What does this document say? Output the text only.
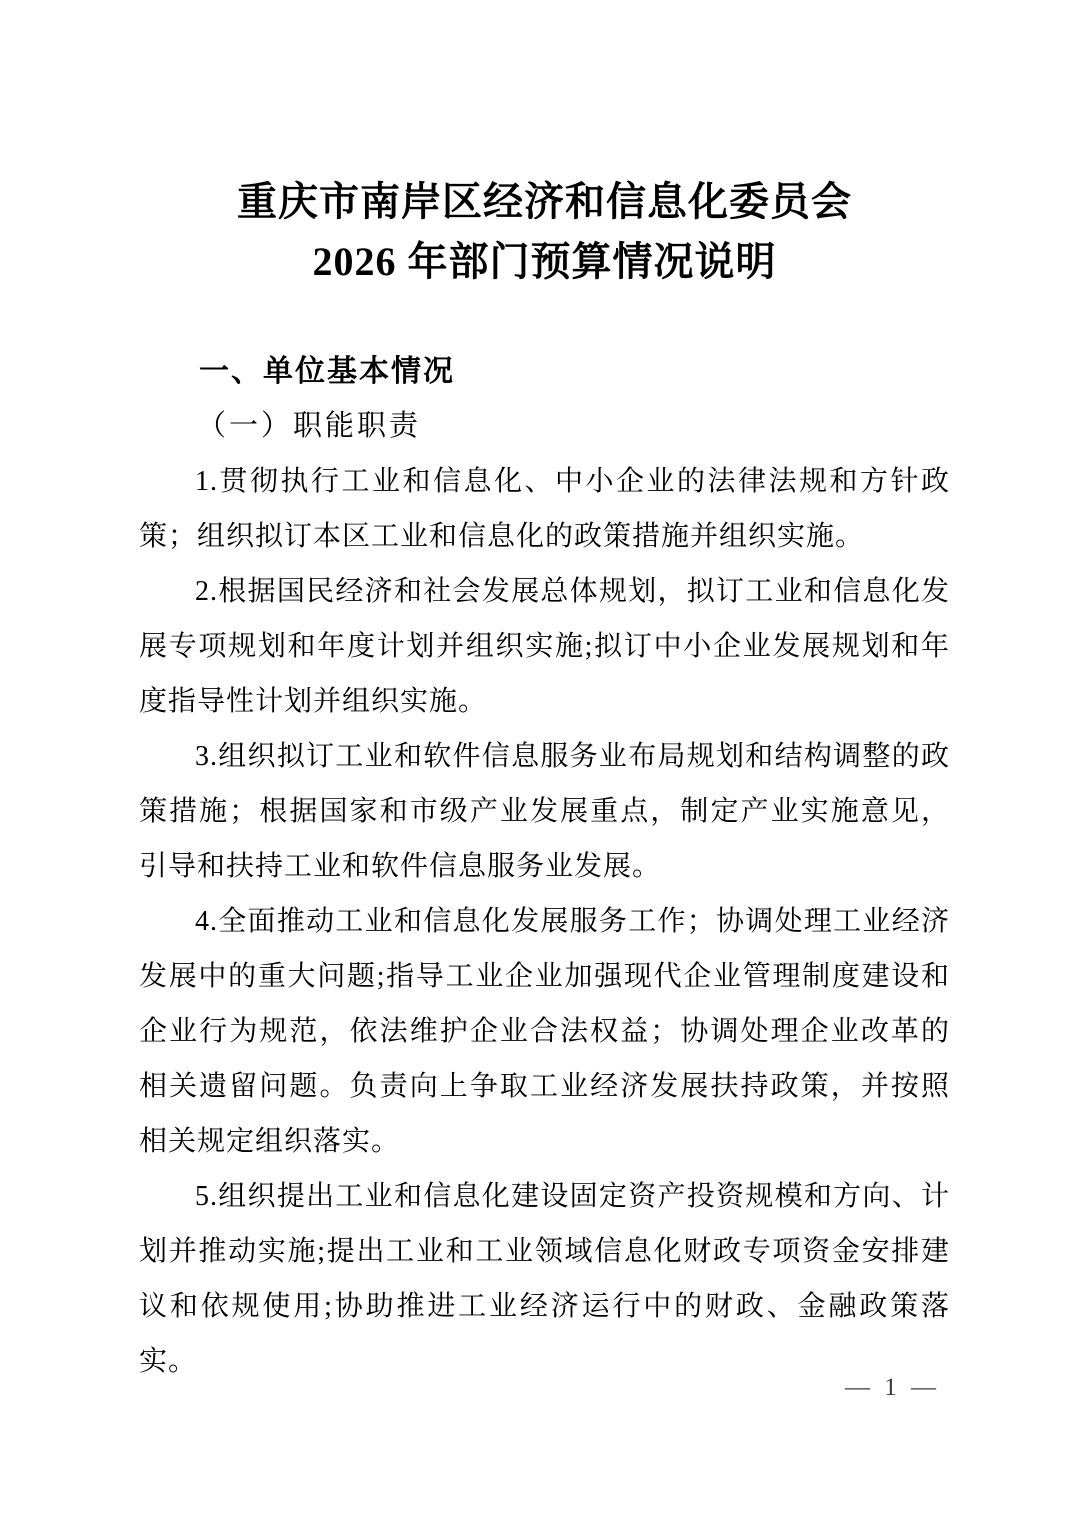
重庆市南岸区经济和信息化委员会
2026 年部门预算情况说明
一、单位基本情况
（一）职能职责

1.贯彻执行工业和信息化、中小企业的法律法规和方针政策；组织拟订本区工业和信息化的政策措施并组织实施。

2.根据国民经济和社会发展总体规划，拟订工业和信息化发展专项规划和年度计划并组织实施;拟订中小企业发展规划和年度指导性计划并组织实施。

3.组织拟订工业和软件信息服务业布局规划和结构调整的政策措施；根据国家和市级产业发展重点，制定产业实施意见，引导和扶持工业和软件信息服务业发展。

4.全面推动工业和信息化发展服务工作；协调处理工业经济发展中的重大问题;指导工业企业加强现代企业管理制度建设和企业行为规范，依法维护企业合法权益；协调处理企业改革的相关遗留问题。负责向上争取工业经济发展扶持政策，并按照相关规定组织落实。

5.组织提出工业和信息化建设固定资产投资规模和方向、计划并推动实施;提出工业和工业领域信息化财政专项资金安排建议和依规使用;协助推进工业经济运行中的财政、金融政策落实。

— 1 —
